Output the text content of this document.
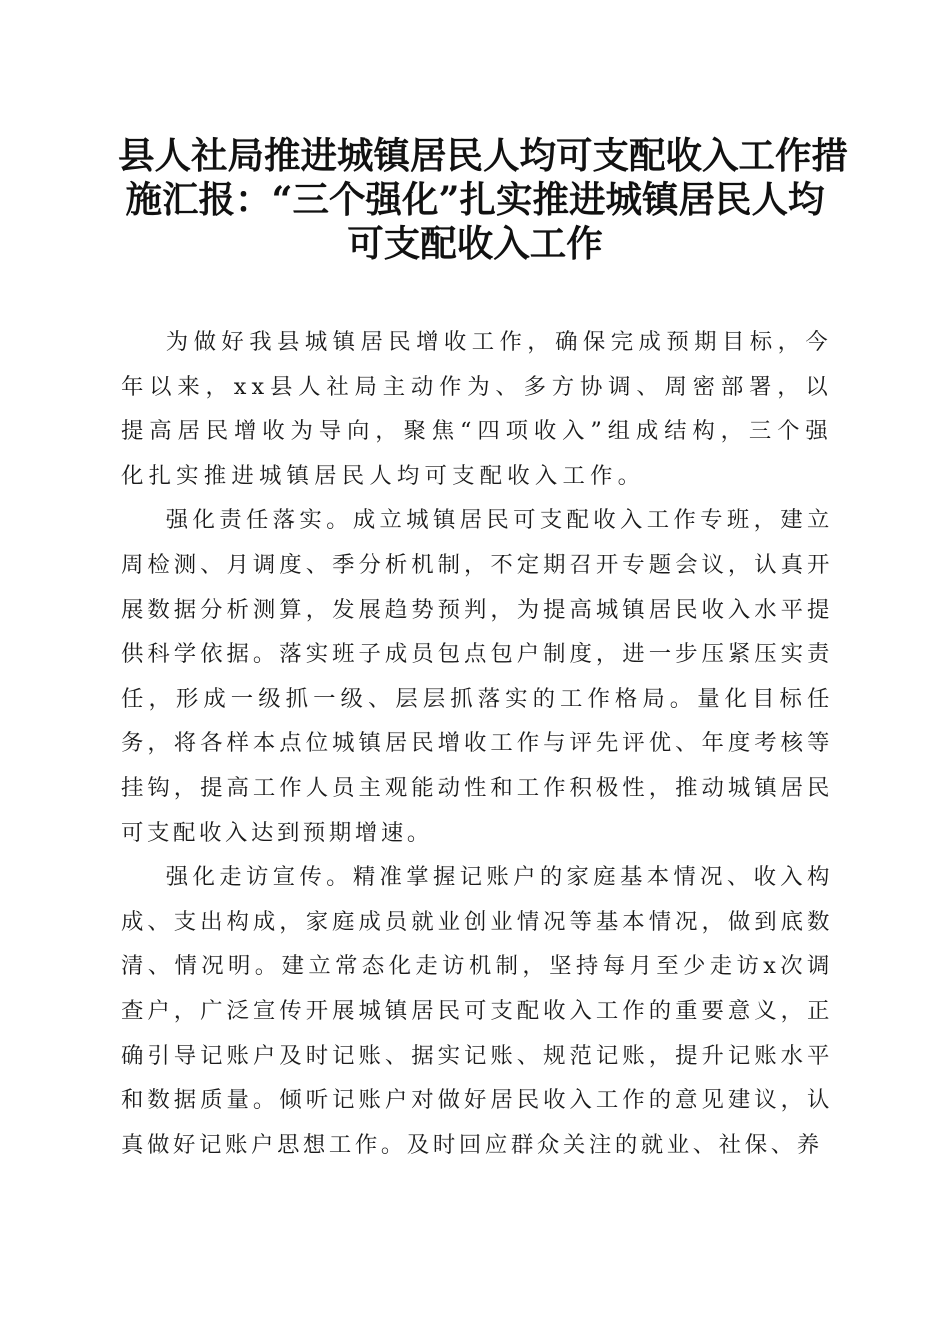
县人社局推进城镇居民人均可支配收入工作措
施汇报：“三个强化”扎实推进城镇居民人均
可支配收入工作

为做好我县城镇居民增收工作，确保完成预期目标，今年以来，xx县人社局主动作为、多方协调、周密部署，以提高居民增收为导向，聚焦“四项收入”组成结构，三个强化扎实推进城镇居民人均可支配收入工作。

强化责任落实。成立城镇居民可支配收入工作专班，建立周检测、月调度、季分析机制，不定期召开专题会议，认真开展数据分析测算，发展趋势预判，为提高城镇居民收入水平提供科学依据。落实班子成员包点包户制度，进一步压紧压实责任，形成一级抓一级、层层抓落实的工作格局。量化目标任务，将各样本点位城镇居民增收工作与评先评优、年度考核等挂钩，提高工作人员主观能动性和工作积极性，推动城镇居民可支配收入达到预期增速。

强化走访宣传。精准掌握记账户的家庭基本情况、收入构成、支出构成，家庭成员就业创业情况等基本情况，做到底数清、情况明。建立常态化走访机制，坚持每月至少走访x次调查户，广泛宣传开展城镇居民可支配收入工作的重要意义，正确引导记账户及时记账、据实记账、规范记账，提升记账水平和数据质量。倾听记账户对做好居民收入工作的意见建议，认真做好记账户思想工作。及时回应群众关注的就业、社保、养
